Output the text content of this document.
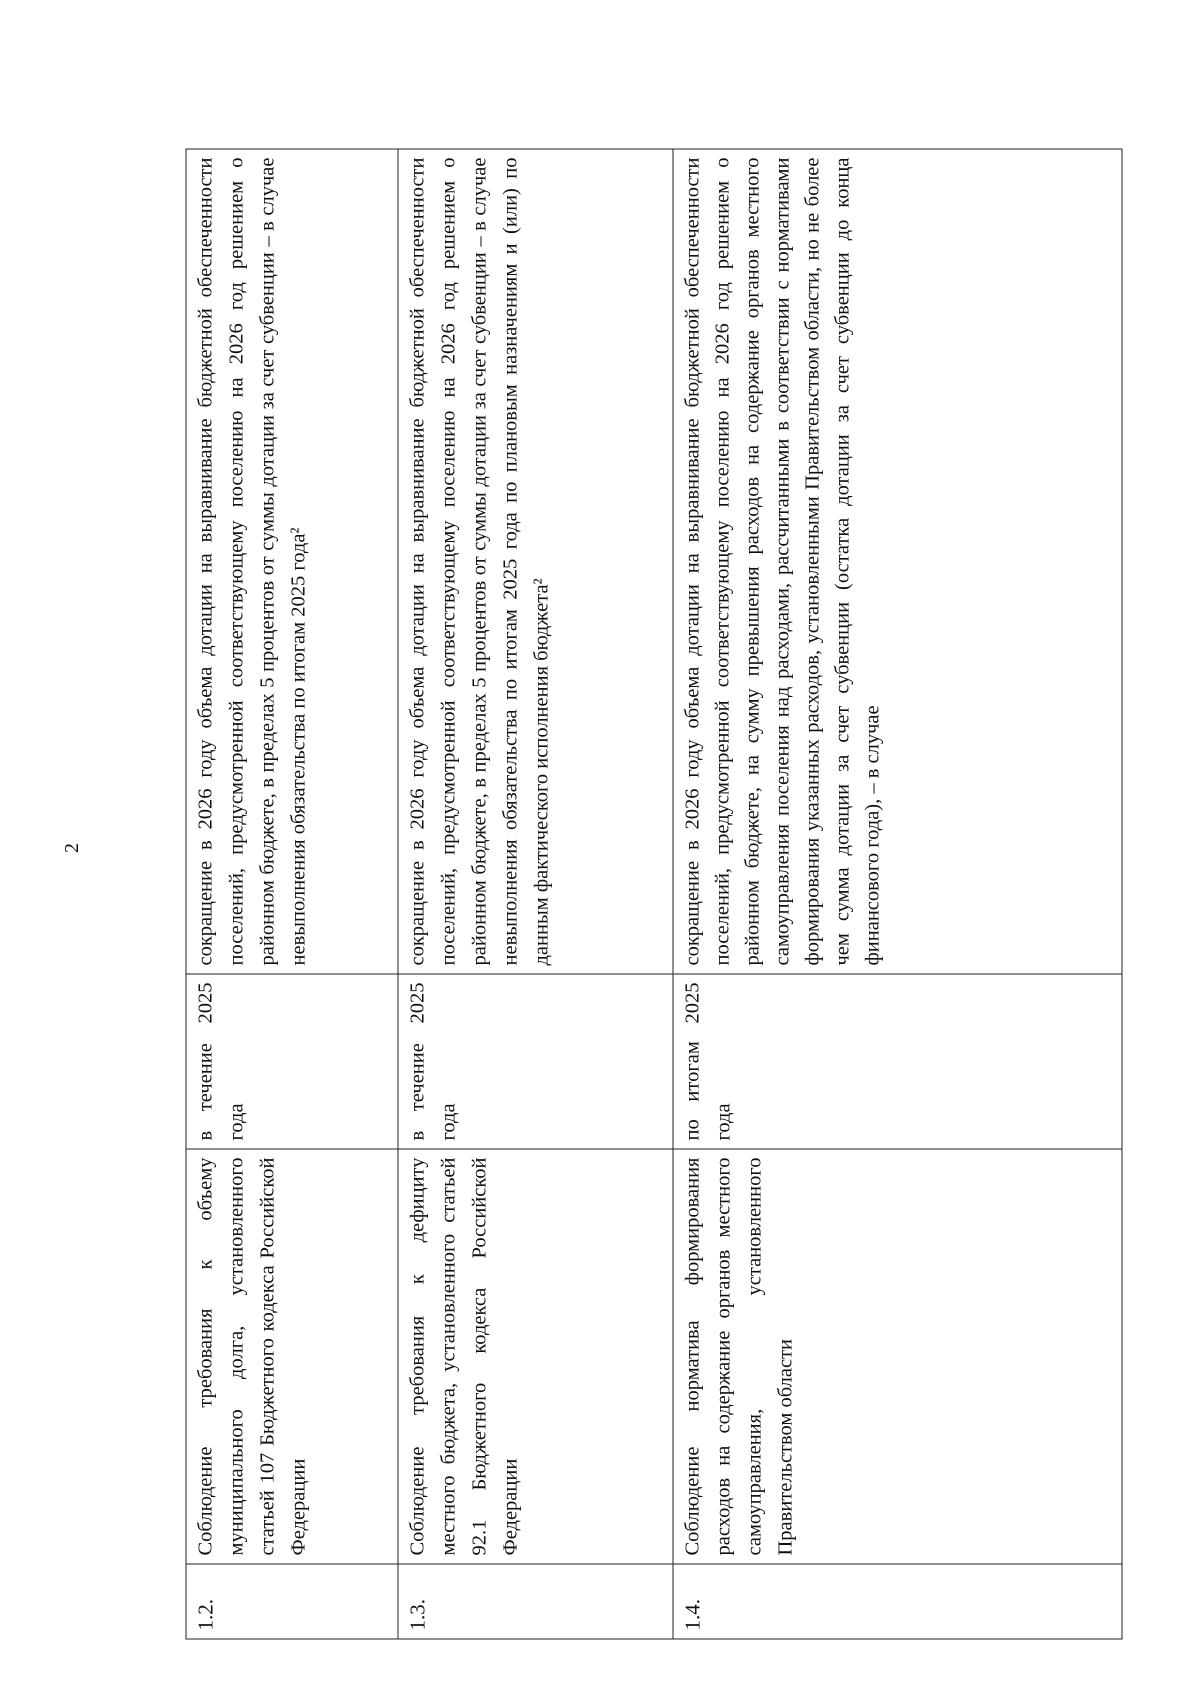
2
1.2.	Соблюдение требования к объему муниципального долга, установленного статьей 107 Бюджетного кодекса Российской Федерации	в течение 2025 года	сокращение в 2026 году объема дотации на выравнивание бюджетной обеспеченности поселений, предусмотренной соответствующему поселению на 2026 год решением о районном бюджете, в пределах 5 процентов от суммы дотации за счет субвенции – в случае невыполнения обязательства по итогам 2025 года²
1.3.	Соблюдение требования к дефициту местного бюджета, установленного статьей 92.1 Бюджетного кодекса Российской Федерации	в течение 2025 года	сокращение в 2026 году объема дотации на выравнивание бюджетной обеспеченности поселений, предусмотренной соответствующему поселению на 2026 год решением о районном бюджете, в пределах 5 процентов от суммы дотации за счет субвенции – в случае невыполнения обязательства по итогам 2025 года по плановым назначениям и (или) по данным фактического исполнения бюджета²
1.4.	Соблюдение норматива формирования расходов на содержание органов местного самоуправления, установленного Правительством области	по итогам 2025 года	сокращение в 2026 году объема дотации на выравнивание бюджетной обеспеченности поселений, предусмотренной соответствующему поселению на 2026 год решением о районном бюджете, на сумму превышения расходов на содержание органов местного самоуправления поселения над расходами, рассчитанными в соответствии с нормативами формирования указанных расходов, установленными Правительством области, но не более чем сумма дотации за счет субвенции (остатка дотации за счет субвенции до конца финансового года), – в случае
